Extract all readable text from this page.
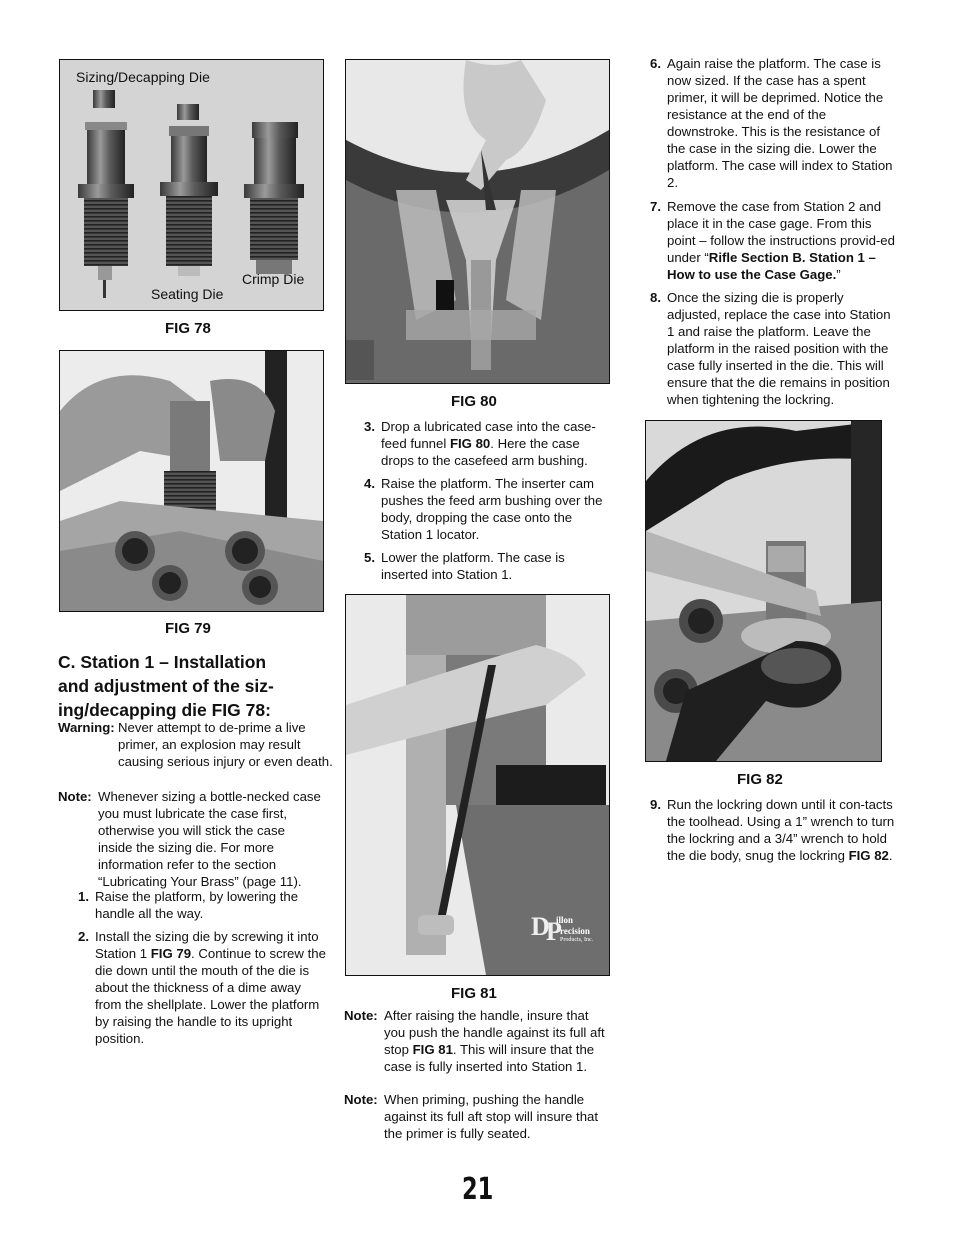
Sizing/Decapping Die
Seating Die
Crimp Die
FIG 78
FIG 79
C. Station 1 – Installation
and adjustment of the siz-
ing/decapping die FIG 78:
Warning: Never attempt to de-prime a live primer, an explosion may result causing serious injury or even death.
Note: Whenever sizing a bottle-necked case you must lubricate the case first, otherwise you will stick the case inside the sizing die. For more information refer to the section “Lubricating Your Brass” (page 11).
1. Raise the platform, by lowering the handle all the way.
2. Install the sizing die by screwing it into Station 1 FIG 79. Continue to screw the die down until the mouth of the die is about the thickness of a dime away from the shellplate. Lower the platform by raising the handle to its upright position.
FIG 80
3. Drop a lubricated case into the case-feed funnel FIG 80. Here the case drops to the casefeed arm bushing.
4. Raise the platform. The inserter cam pushes the feed arm bushing over the body, dropping the case onto the Station 1 locator.
5. Lower the platform. The case is inserted into Station 1.
D
P
illon
recision
Products, Inc.
FIG 81
Note: After raising the handle, insure that you push the handle against its full aft stop FIG 81. This will insure that the case is fully inserted into Station 1.
Note: When priming, pushing the handle against its full aft stop will insure that the primer is fully seated.
6. Again raise the platform. The case is now sized. If the case has a spent primer, it will be deprimed. Notice the resistance at the end of the downstroke. This is the resistance of the case in the sizing die. Lower the platform. The case will index to Station 2.
7. Remove the case from Station 2 and place it in the case gage. From this point – follow the instructions provid-ed under “Rifle Section B. Station 1 – How to use the Case Gage.”
8. Once the sizing die is properly adjusted, replace the case into Station 1 and raise the platform. Leave the platform in the raised position with the case fully inserted in the die. This will ensure that the die remains in position when tightening the lockring.
FIG 82
9. Run the lockring down until it con-tacts the toolhead. Using a 1” wrench to turn the lockring and a 3/4” wrench to hold the die body, snug the lockring FIG 82.
21
